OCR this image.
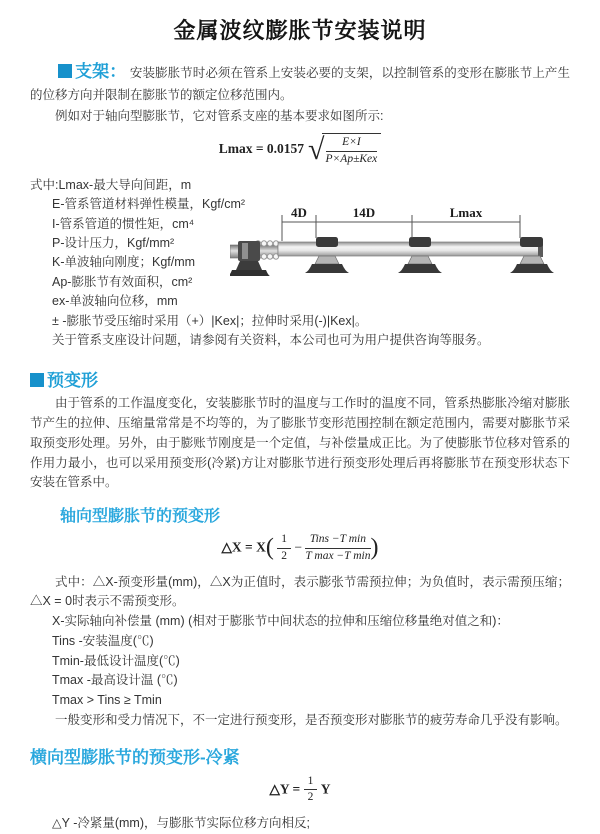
金属波纹膨胀节安装说明

支架： 安装膨胀节时必须在管系上安装必要的支架，以控制管系的变形在膨胀节上产生的位移方向并限制在膨胀节的额定位移范围内。

例如对于轴向型膨胀节，它对管系支座的基本要求如图所示:

Lmax = 0.0157 √ $\frac{E\times I}{\text{P×Ap±Kex}}$
式中:Lmax-最大导向间距，m
E-管系管道材料弹性模量，Kgf/cm²
I-管系管道的惯性矩，cm⁴
P-设计压力，Kgf/mm²
K-单波轴向刚度；Kgf/mm
Ap-膨胀节有效面积，cm²
ex-单波轴向位移，mm
± -膨胀节受压缩时采用（+）|Kex|；拉伸时采用(-)|Kex|。
关于管系支座设计问题，请参阅有关资料，本公司也可为用户提供咨询等服务。
4D	14D	Lmax
预变形

由于管系的工作温度变化，安装膨胀节时的温度与工作时的温度不同，管系热膨胀冷缩对膨胀节产生的拉伸、压缩量常常是不均等的，为了膨胀节变形范围控制在额定范围内，需要对膨胀节采取预变形处理。另外，由于膨账节刚度是一个定值，与补偿量成正比。为了使膨胀节位移对管系的作用力最小，也可以采用预变形(冷紧)方让对膨胀节进行预变形处理后再将膨胀节在预变形状态下安装在管系中。

轴向型膨胀节的预变形
△X = $X( \frac{1}{2} - \frac{\text{Tins −T min}}{\text{T max −T min}}$ )

式中：△X-预变形量(mm)，△X为正值时，表示膨张节需预拉伸；为负值时，表示需预压缩；△X = 0时表示不需预变形。

X-实际轴向补偿量 (mm) (相对于膨胀节中间状态的拉伸和压缩位移量绝对值之和)：
Tins -安装温度(℃)
Tmin-最低设计温度(℃)
Tmax -最高设计温 (℃)
Tmax > Tins ≥ Tmin

一般变形和受力情况下，不一定进行预变形，是否预变形对膨胀节的疲劳寿命几乎没有影响。

横向型膨胀节的预变形-冷紧
△Y = $\frac{1}{2}$ Y
△Y -冷紧量(mm)，与膨胀节实际位移方向相反;
